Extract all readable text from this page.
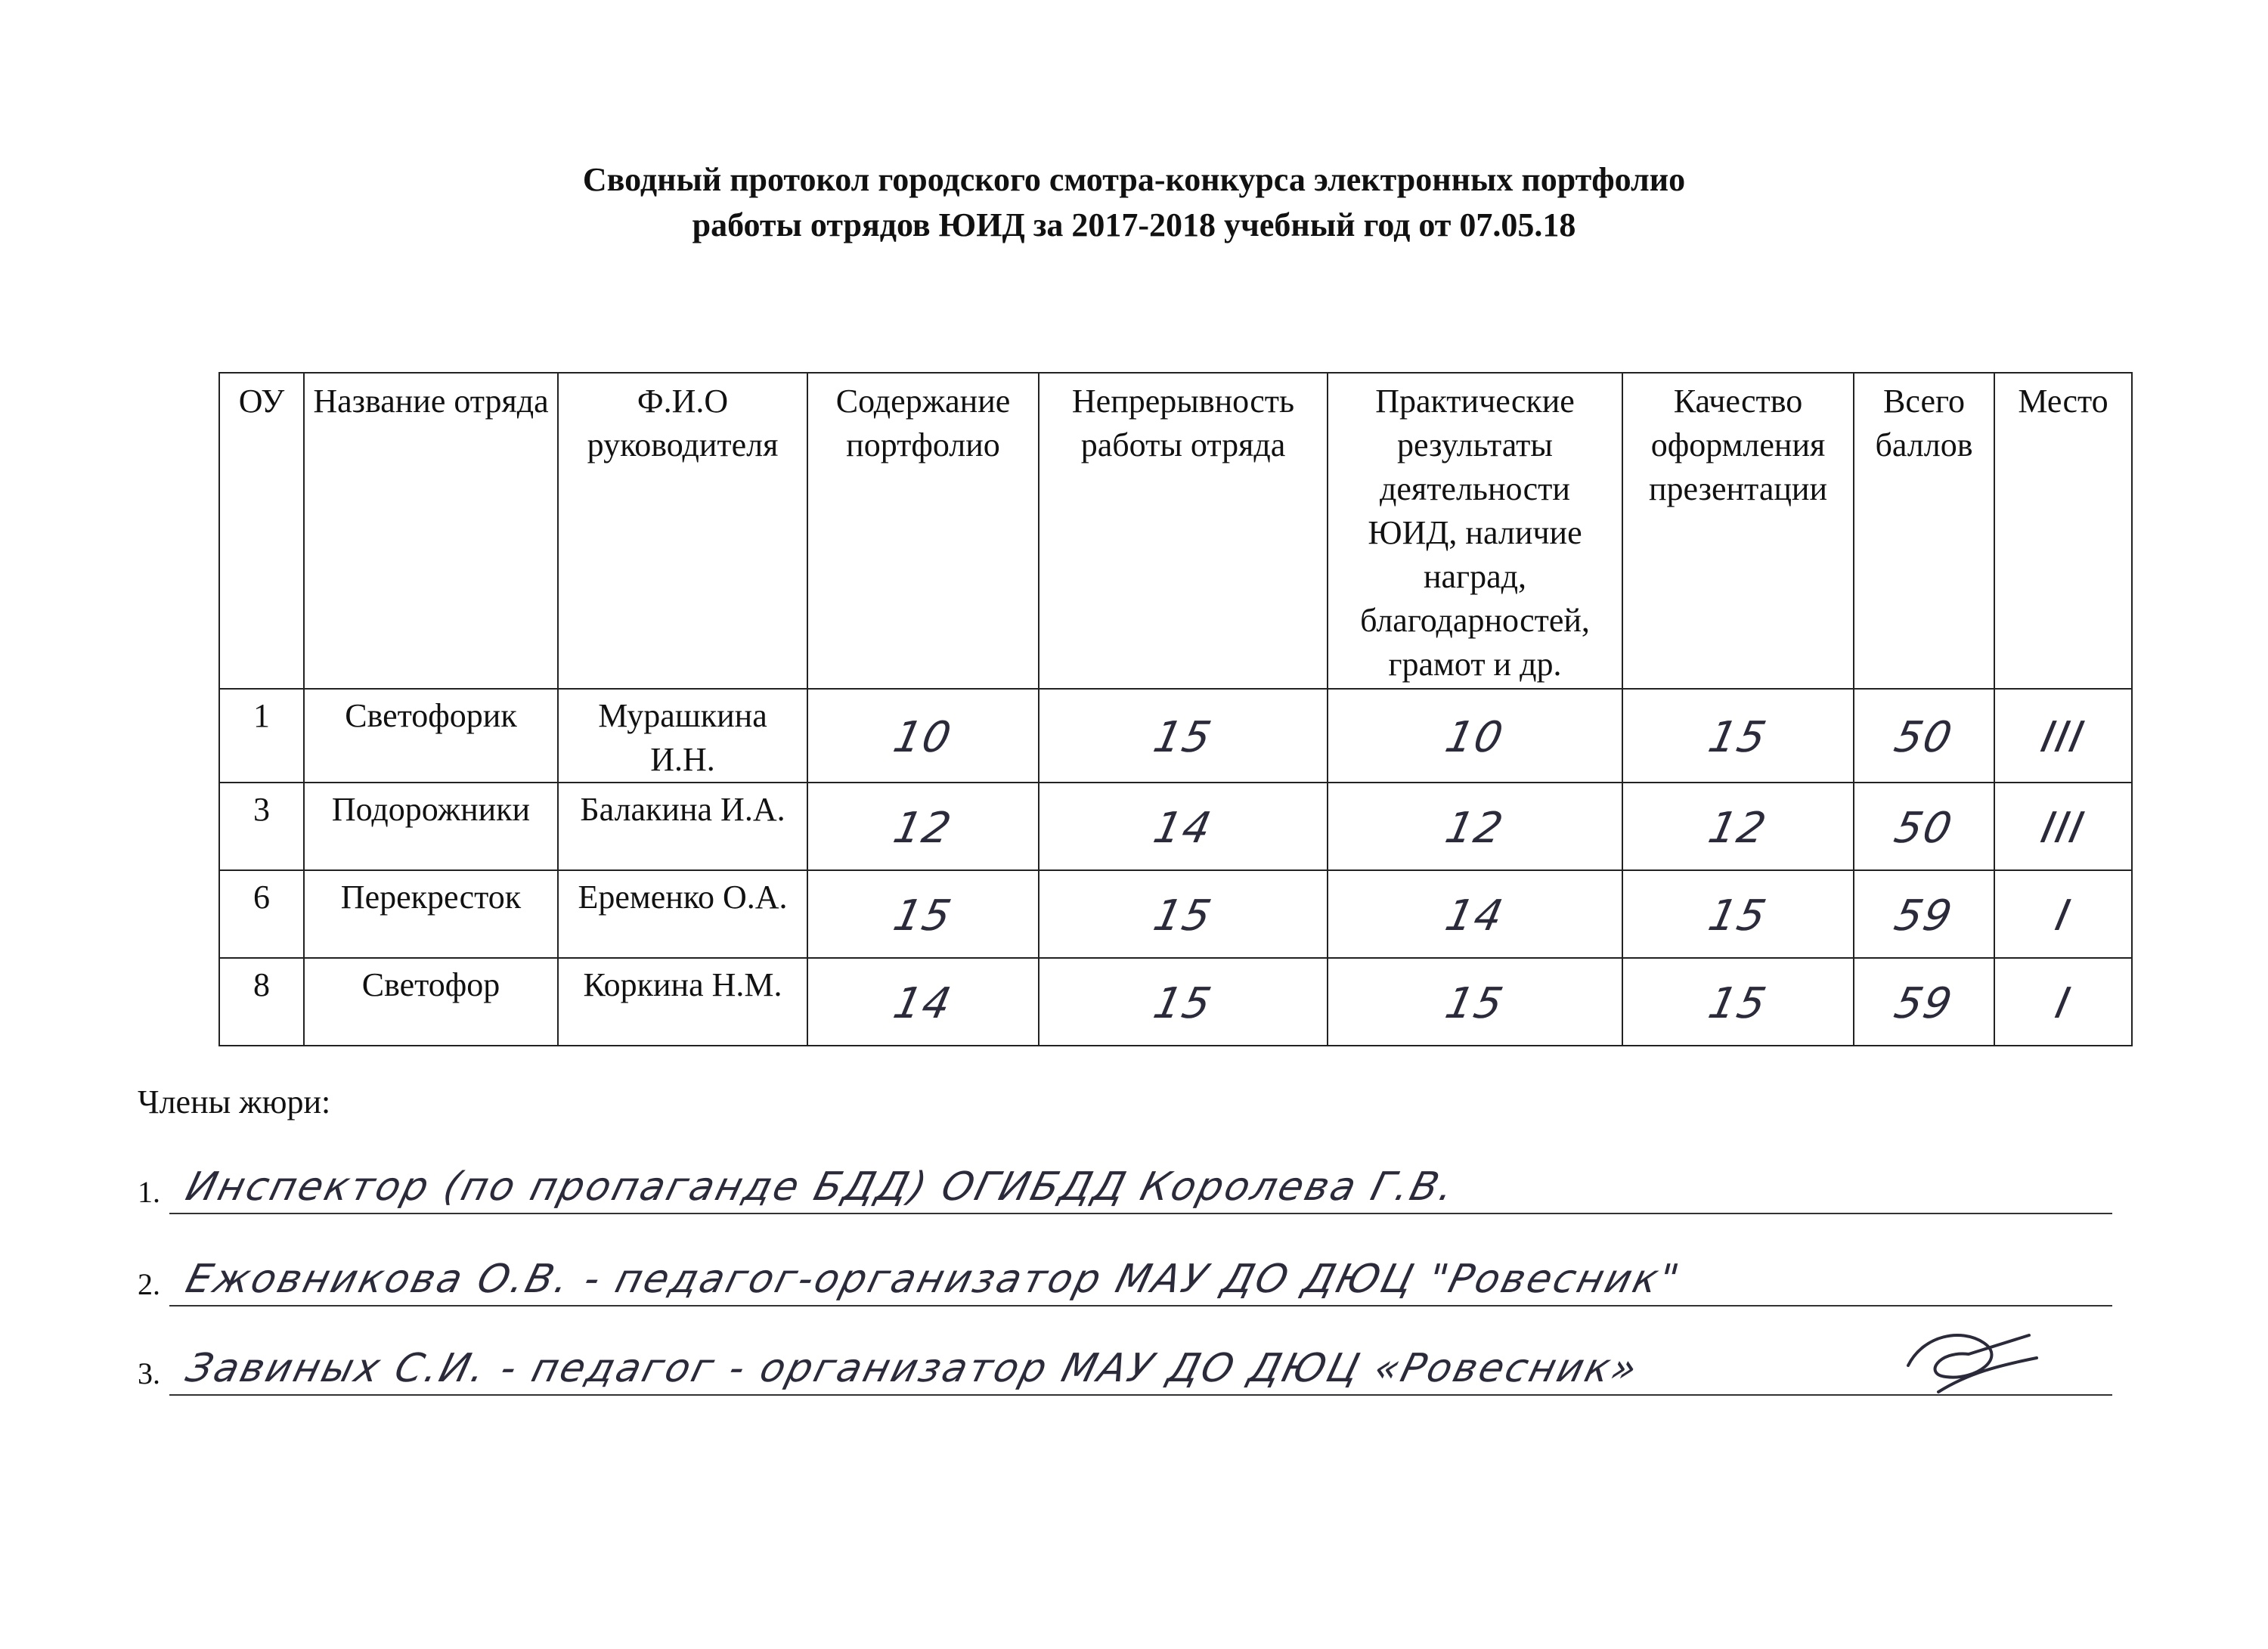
Сводный протокол городского смотра-конкурса электронных портфолио
работы отрядов ЮИД за 2017-2018 учебный год от 07.05.18
ОУ	Название отряда	Ф.И.О руководителя	Содержание портфолио	Непрерывность работы отряда	Практические результаты деятельности ЮИД, наличие наград, благодарностей, грамот и др.	Качество оформления презентации	Всего баллов	Место
1	Светофорик	Мурашкина И.Н.	10	15	10	15	50	III
3	Подорожники	Балакина И.А.	12	14	12	12	50	III
6	Перекресток	Еременко О.А.	15	15	14	15	59	I
8	Светофор	Коркина Н.М.	14	15	15	15	59	I
Члены жюри:
1. Инспектор (по пропаганде БДД) ОГИБДД Королева Г.В.
2. Ежовникова О.В. - педагог-организатор МАУ ДО ДЮЦ "Ровесник"
3. Завиных С.И. - педагог - организатор МАУ ДО ДЮЦ «Ровесник»
